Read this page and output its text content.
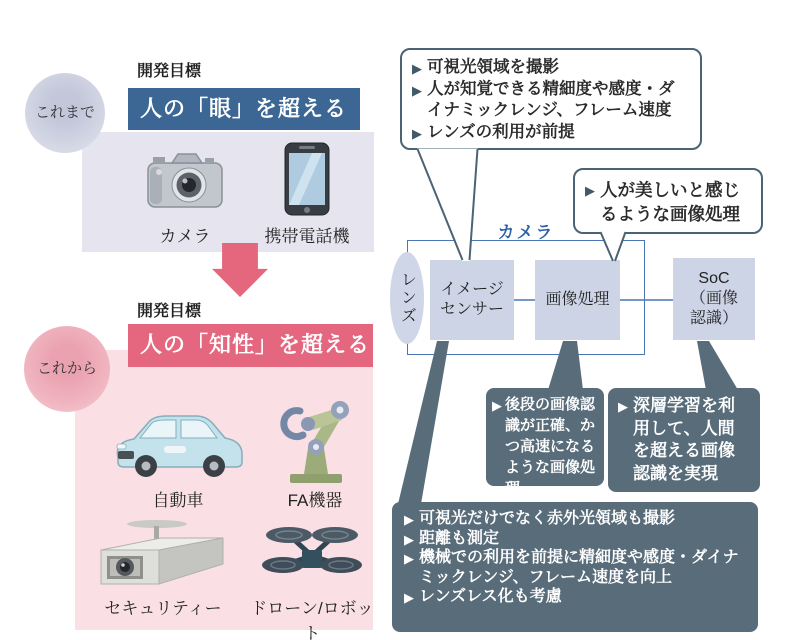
これまで
開発目標
人の「眼」を超える
カメラ	携帯電話機
これから
開発目標
人の「知性」を超える
自動車	FA機器
セキュリティー	ドローン/ロボット
カメラ
レンズ	イメージセンサー
画像処理
SoC
（画像
認識）
▶ 可視光領域を撮影
▶ 人が知覚できる精細度や感度・ダイナミックレンジ、フレーム速度
▶ レンズの利用が前提
▶ 人が美しいと感じるような画像処理
▶ 後段の画像認識が正確、かつ高速になるような画像処理
▶ 深層学習を利用して、人間を超える画像認識を実現
▶ 可視光だけでなく赤外光領域も撮影
▶ 距離も測定
▶ 機械での利用を前提に精細度や感度・ダイナミックレンジ、フレーム速度を向上
▶ レンズレス化も考慮
